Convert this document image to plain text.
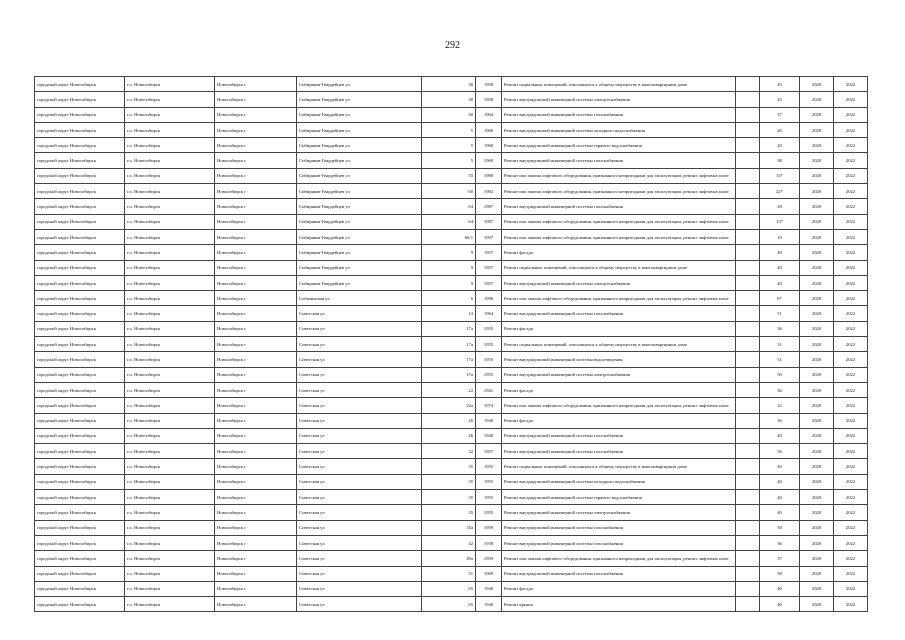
292
городской округ Новосибирск	г.о. Новосибирск	Новосибирск г	Сибиряков-Гвардейцев ул	38	1958	Ремонт подвальных помещений, относящихся к общему имуществу в многоквартирном доме		45	2020	2022
городской округ Новосибирск	г.о. Новосибирск	Новосибирск г	Сибиряков-Гвардейцев ул	38	1958	Ремонт внутридомовой инженерной системы электроснабжения		45	2020	2022
городской округ Новосибирск	г.о. Новосибирск	Новосибирск г	Сибиряков-Гвардейцев ул	40	1964	Ремонт внутридомовой инженерной системы газоснабжения		37	2020	2022
городской округ Новосибирск	г.о. Новосибирск	Новосибирск г	Сибиряков-Гвардейцев ул	5	1960	Ремонт внутридомовой инженерной системы холодного водоснабжения		20	2020	2022
городской округ Новосибирск	г.о. Новосибирск	Новосибирск г	Сибиряков-Гвардейцев ул	5	1960	Ремонт внутридомовой инженерной системы горячего водоснабжения		20	2020	2022
городской округ Новосибирск	г.о. Новосибирск	Новосибирск г	Сибиряков-Гвардейцев ул	5	1960	Ремонт внутридомовой инженерной системы газоснабжения		38	2020	2022
городской округ Новосибирск	г.о. Новосибирск	Новосибирск г	Сибиряков-Гвардейцев ул	55	1980	Ремонт или замена лифтового оборудования, признанного непригодным для эксплуатации, ремонт лифтовых шахт		14*	2020	2022
городской округ Новосибирск	г.о. Новосибирск	Новосибирск г	Сибиряков-Гвардейцев ул	60	1982	Ремонт или замена лифтового оборудования, признанного непригодным для эксплуатации, ремонт лифтовых шахт		22*	2020	2022
городской округ Новосибирск	г.о. Новосибирск	Новосибирск г	Сибиряков-Гвардейцев ул	64	1987	Ремонт внутридомовой инженерной системы газоснабжения		28	2020	2022
городской округ Новосибирск	г.о. Новосибирск	Новосибирск г	Сибиряков-Гвардейцев ул	64	1987	Ремонт или замена лифтового оборудования, признанного непригодным для эксплуатации, ремонт лифтовых шахт		13*	2020	2022
городской округ Новосибирск	г.о. Новосибирск	Новосибирск г	Сибиряков-Гвардейцев ул	66/1	1997	Ремонт или замена лифтового оборудования, признанного непригодным для эксплуатации, ремонт лифтовых шахт		10	2020	2022
городской округ Новосибирск	г.о. Новосибирск	Новосибирск г	Сибиряков-Гвардейцев ул	9	1957	Ремонт фасада		40	2020	2022
городской округ Новосибирск	г.о. Новосибирск	Новосибирск г	Сибиряков-Гвардейцев ул	9	1957	Ремонт подвальных помещений, относящихся к общему имуществу в многоквартирном доме		40	2020	2022
городской округ Новосибирск	г.о. Новосибирск	Новосибирск г	Сибиряков-Гвардейцев ул	9	1957	Ремонт внутридомовой инженерной системы электроснабжения		40	2020	2022
городской округ Новосибирск	г.о. Новосибирск	Новосибирск г	Собачинская ул	6	1996	Ремонт или замена лифтового оборудования, признанного непригодным для эксплуатации, ремонт лифтовых шахт		6*	2020	2022
городской округ Новосибирск	г.о. Новосибирск	Новосибирск г	Советская ул	13	1964	Ремонт внутридомовой инженерной системы газоснабжения		51	2020	2022
городской округ Новосибирск	г.о. Новосибирск	Новосибирск г	Советская ул	17а	1955	Ремонт фасада		36	2020	2022
городской округ Новосибирск	г.о. Новосибирск	Новосибирск г	Советская ул	17а	1955	Ремонт подвальных помещений, относящихся к общему имуществу в многоквартирном доме		51	2020	2022
городской округ Новосибирск	г.о. Новосибирск	Новосибирск г	Советская ул	17а	1955	Ремонт внутридомовой инженерной системы водоотведения		51	2020	2022
городской округ Новосибирск	г.о. Новосибирск	Новосибирск г	Советская ул	17а	1955	Ремонт внутридомовой инженерной системы электроснабжения		50	2020	2022
городской округ Новосибирск	г.о. Новосибирск	Новосибирск г	Советская ул	22	1941	Ремонт фасада		36	2020	2022
городской округ Новосибирск	г.о. Новосибирск	Новосибирск г	Советская ул	22а	1974	Ремонт или замена лифтового оборудования, признанного непригодным для эксплуатации, ремонт лифтовых шахт		22	2020	2022
городской округ Новосибирск	г.о. Новосибирск	Новосибирск г	Советская ул	26	1940	Ремонт фасада		36	2020	2022
городской округ Новосибирск	г.о. Новосибирск	Новосибирск г	Советская ул	26	1940	Ремонт внутридомовой инженерной системы газоснабжения		40	2020	2022
городской округ Новосибирск	г.о. Новосибирск	Новосибирск г	Советская ул	32	1957	Ремонт внутридомовой инженерной системы газоснабжения		56	2020	2022
городской округ Новосибирск	г.о. Новосибирск	Новосибирск г	Советская ул	35	1955	Ремонт подвальных помещений, относящихся к общему имуществу в многоквартирном доме		49	2020	2022
городской округ Новосибирск	г.о. Новосибирск	Новосибирск г	Советская ул	35	1955	Ремонт внутридомовой инженерной системы холодного водоснабжения		40	2020	2022
городской округ Новосибирск	г.о. Новосибирск	Новосибирск г	Советская ул	35	1955	Ремонт внутридомовой инженерной системы горячего водоснабжения		40	2020	2022
городской округ Новосибирск	г.о. Новосибирск	Новосибирск г	Советская ул	35	1955	Ремонт внутридомовой инженерной системы электроснабжения		40	2020	2022
городской округ Новосибирск	г.о. Новосибирск	Новосибирск г	Советская ул	35а	1959	Ремонт внутридомовой инженерной системы газоснабжения		30	2020	2022
городской округ Новосибирск	г.о. Новосибирск	Новосибирск г	Советская ул	42	1938	Ремонт внутридомовой инженерной системы газоснабжения		36	2020	2022
городской округ Новосибирск	г.о. Новосибирск	Новосибирск г	Советская ул	49а	1959	Ремонт или замена лифтового оборудования, признанного непригодным для эксплуатации, ремонт лифтовых шахт		37	2020	2022
городской округ Новосибирск	г.о. Новосибирск	Новосибирск г	Советская ул	51	1969	Ремонт внутридомовой инженерной системы газоснабжения		58	2020	2022
городской округ Новосибирск	г.о. Новосибирск	Новосибирск г	Советская ул	65	1940	Ремонт фасада		46	2020	2022
городской округ Новосибирск	г.о. Новосибирск	Новосибирск г	Советская ул	65	1940	Ремонт крыши		46	2020	2022
